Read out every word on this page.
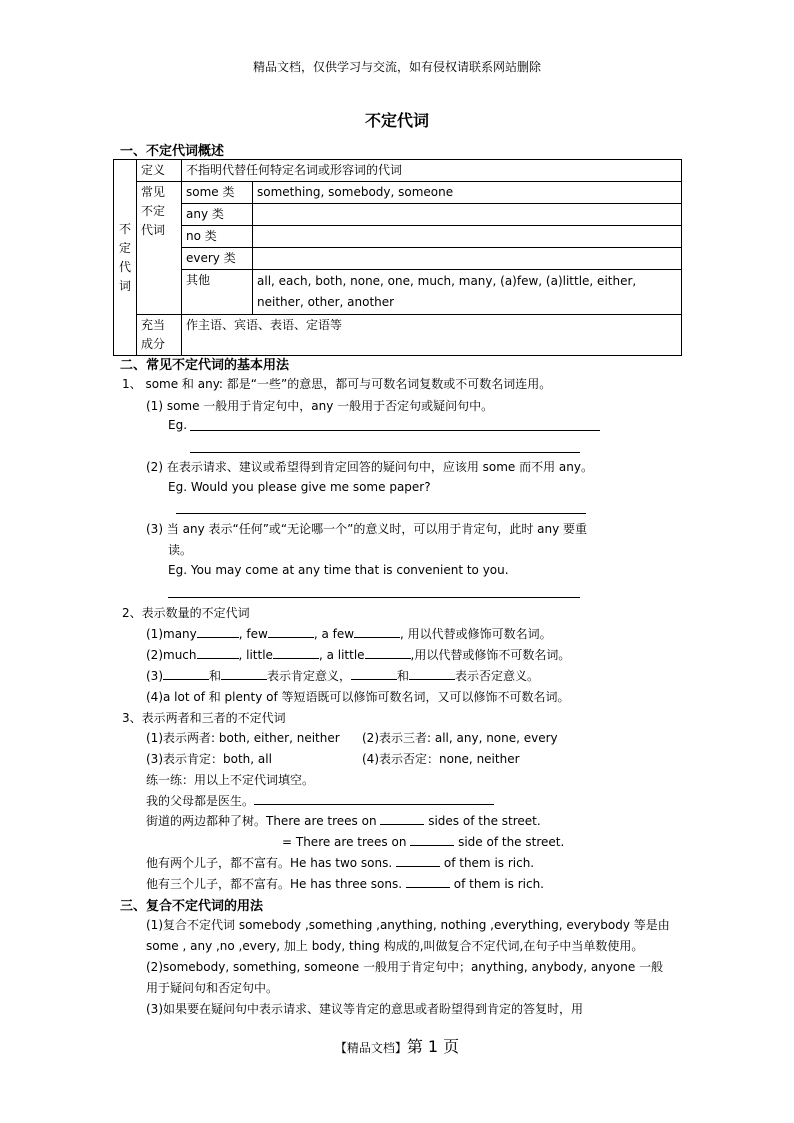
精品文档，仅供学习与交流，如有侵权请联系网站删除
不定代词
一、不定代词概述
不
定
代
词	定义	不指明代替任何特定名词或形容词的代词	

	常见
不定
代词	some 类	something, somebody, someone
		any 类	
		no 类	
		every 类	
		其他	all, each, both, none, one, much, many, (a)few, (a)little, either, neither, other, another

	充当
成分	作主语、宾语、表语、定语等	
二、常见不定代词的基本用法
1、 some 和 any: 都是“一些”的意思，都可与可数名词复数或不可数名词连用。
(1) some 一般用于肯定句中，any 一般用于否定句或疑问句中。
Eg.
(2) 在表示请求、建议或希望得到肯定回答的疑问句中，应该用 some 而不用 any。
Eg. Would you please give me some paper?
(3) 当 any 表示“任何”或“无论哪一个”的意义时，可以用于肯定句，此时 any 要重
读。
Eg. You may come at any time that is convenient to you.
2、表示数量的不定代词
(1)many	, few	, a few	, 用以代替或修饰可数名词。
(2)much	, little	, a little	,用以代替或修饰不可数名词。
(3)	和	表示肯定意义，	和	表示否定意义。
(4)a lot of 和 plenty of 等短语既可以修饰可数名词，又可以修饰不可数名词。
3、表示两者和三者的不定代词
(1)表示两者: both, either, neither (2)表示三者: all, any, none, every
(3)表示肯定：both, all	(4)表示否定：none, neither
练一练：用以上不定代词填空。
我的父母都是医生。
街道的两边都种了树。There are trees on	sides of the street.
= There are trees on	side of the street.
他有两个儿子，都不富有。He has two sons.	of them is rich.
他有三个儿子，都不富有。He has three sons.	of them is rich.
三、复合不定代词的用法
(1)复合不定代词 somebody ,something ,anything, nothing ,everything, everybody 等是由
some , any ,no ,every, 加上 body, thing 构成的,叫做复合不定代词,在句子中当单数使用。
(2)somebody, something, someone 一般用于肯定句中；anything, anybody, anyone 一般
用于疑问句和否定句中。
(3)如果要在疑问句中表示请求、建议等肯定的意思或者盼望得到肯定的答复时，用
【精品文档】第 1 页
